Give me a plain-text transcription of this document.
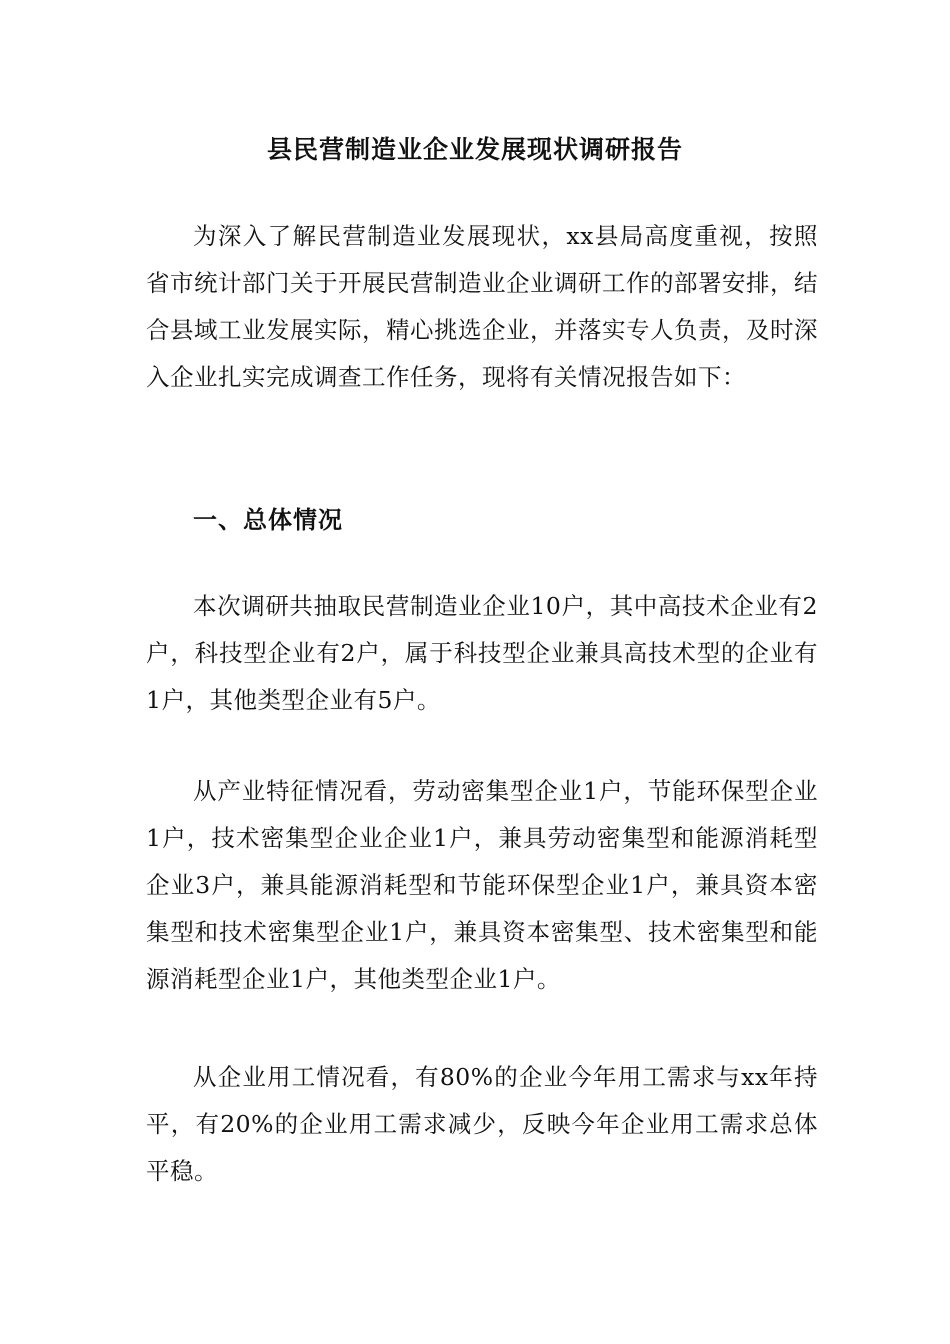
县民营制造业企业发展现状调研报告

为深入了解民营制造业发展现状，xx县局高度重视，按照省市统计部门关于开展民营制造业企业调研工作的部署安排，结合县域工业发展实际，精心挑选企业，并落实专人负责，及时深入企业扎实完成调查工作任务，现将有关情况报告如下：

一、总体情况

本次调研共抽取民营制造业企业10户，其中高技术企业有2户，科技型企业有2户，属于科技型企业兼具高技术型的企业有1户，其他类型企业有5户。

从产业特征情况看，劳动密集型企业1户，节能环保型企业1户，技术密集型企业企业1户，兼具劳动密集型和能源消耗型企业3户，兼具能源消耗型和节能环保型企业1户，兼具资本密集型和技术密集型企业1户，兼具资本密集型、技术密集型和能源消耗型企业1户，其他类型企业1户。

从企业用工情况看，有80%的企业今年用工需求与xx年持平，有20%的企业用工需求减少，反映今年企业用工需求总体平稳。
